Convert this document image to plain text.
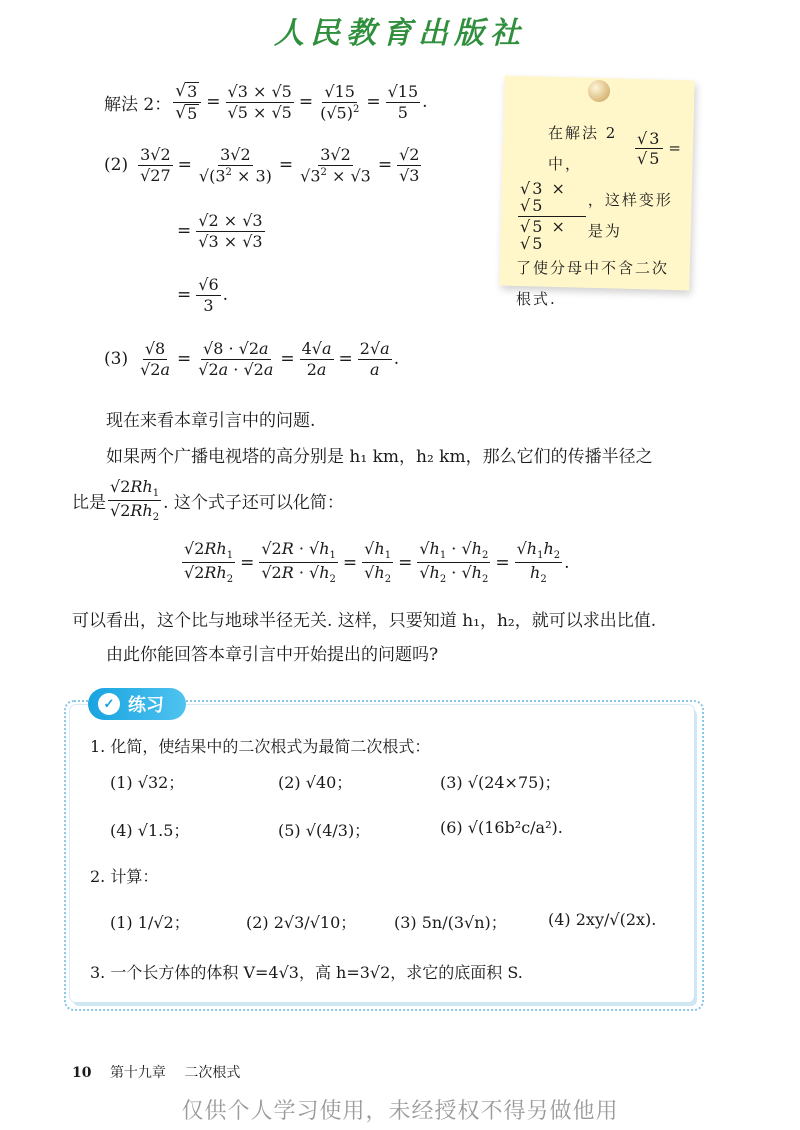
人民教育出版社
解法 2： $\frac{√ 3}{√ 5} = \frac{√3 \times √5}{√5 \times √5} = \frac{√15}{(√5)^2} = \frac{√15}{5}$ .
$(2) \frac{3√2}{√27} = \frac{3√2}{√(3^2 \times 3)} = \frac{3√2}{√3^2 \times √3} = \frac{√2}{√3}$
= $\frac{√2 \times √3}{√3 \times √3}$
= $\frac{√6}{3}$ .
$(3) \frac{√8}{√2a} = \frac{√8 \cdot √2a}{√2a \cdot √2a} = \frac{4√a}{2a} = \frac{2√a}{a}$ .
在解法 2 中，	$\frac{√3}{√5}$ =
$\frac{√3 \times √5}{√5 \times √5}$ ，这样变形是为
了使分母中不含二次
根式.
现在来看本章引言中的问题.
如果两个广播电视塔的高分别是 h₁ km，h₂ km，那么它们的传播半径之
比是 $\frac{√2Rh_1}{√2Rh_2}$ . 这个式子还可以化简：
$\frac{√2Rh_1}{√2Rh_2} = \frac{√2R \cdot √h_1}{√2R \cdot √h_2} = \frac{√h_1}{√h_2} = \frac{√h_1 \cdot √h_2}{√h_2 \cdot √h_2} = \frac{√h_1h_2}{h_2}$ .
可以看出，这个比与地球半径无关. 这样，只要知道 h₁，h₂，就可以求出比值.
由此你能回答本章引言中开始提出的问题吗?
✓ 练习
1. 化简，使结果中的二次根式为最简二次根式：
(1) √32；	(2) √40；	(3) √(24×75)；
(4) √1.5；	(5) √(4/3)；	(6) √(16b²c/a²).
2. 计算：
(1) 1/√2；	(2) 2√3/√10； (3) 5n/(3√n)；	(4) 2xy/√(2x).
3. 一个长方体的体积 V=4√3，高 h=3√2，求它的底面积 S.
10 第十九章 二次根式
仅供个人学习使用，未经授权不得另做他用
